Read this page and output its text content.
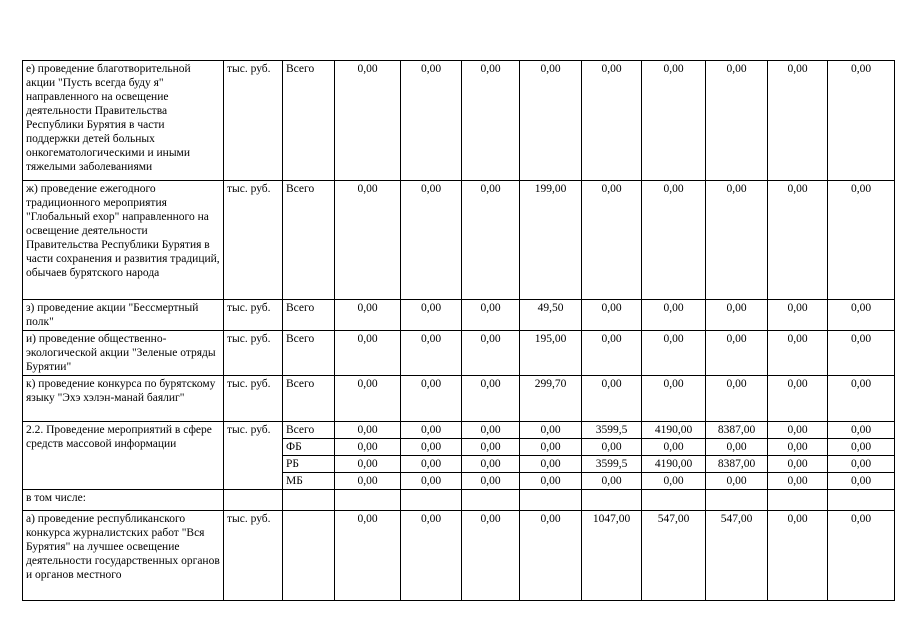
е) проведение благотворительной акции "Пусть всегда буду я" направленного на освещение деятельности Правительства Республики Бурятия в части поддержки детей больных онкогематологическими и иными тяжелыми заболеваниями	тыс. руб.	Всего	0,00	0,00	0,00	0,00	0,00	0,00	0,00	0,00	0,00
ж) проведение ежегодного традиционного мероприятия "Глобальный ехор" направленного на освещение деятельности Правительства Республики Бурятия в части сохранения и развития традиций, обычаев бурятского народа	тыс. руб.	Всего	0,00	0,00	0,00	199,00	0,00	0,00	0,00	0,00	0,00
з) проведение акции "Бессмертный полк"	тыс. руб.	Всего	0,00	0,00	0,00	49,50	0,00	0,00	0,00	0,00	0,00
и) проведение общественно-экологической акции "Зеленые отряды Бурятии"	тыс. руб.	Всего	0,00	0,00	0,00	195,00	0,00	0,00	0,00	0,00	0,00
к) проведение конкурса по бурятскому языку "Эхэ хэлэн-манай баялиг"	тыс. руб.	Всего	0,00	0,00	0,00	299,70	0,00	0,00	0,00	0,00	0,00
2.2. Проведение мероприятий в сфере средств массовой информации	тыс. руб.	Всего	0,00	0,00	0,00	0,00	3599,5	4190,00	8387,00	0,00	0,00
		ФБ	0,00	0,00	0,00	0,00	0,00	0,00	0,00	0,00	0,00
		РБ	0,00	0,00	0,00	0,00	3599,5	4190,00	8387,00	0,00	0,00
		МБ	0,00	0,00	0,00	0,00	0,00	0,00	0,00	0,00	0,00
в том числе:											
а) проведение республиканского конкурса журналистских работ "Вся Бурятия" на лучшее освещение деятельности государственных органов и органов местного	тыс. руб.		0,00	0,00	0,00	0,00	1047,00	547,00	547,00	0,00	0,00
